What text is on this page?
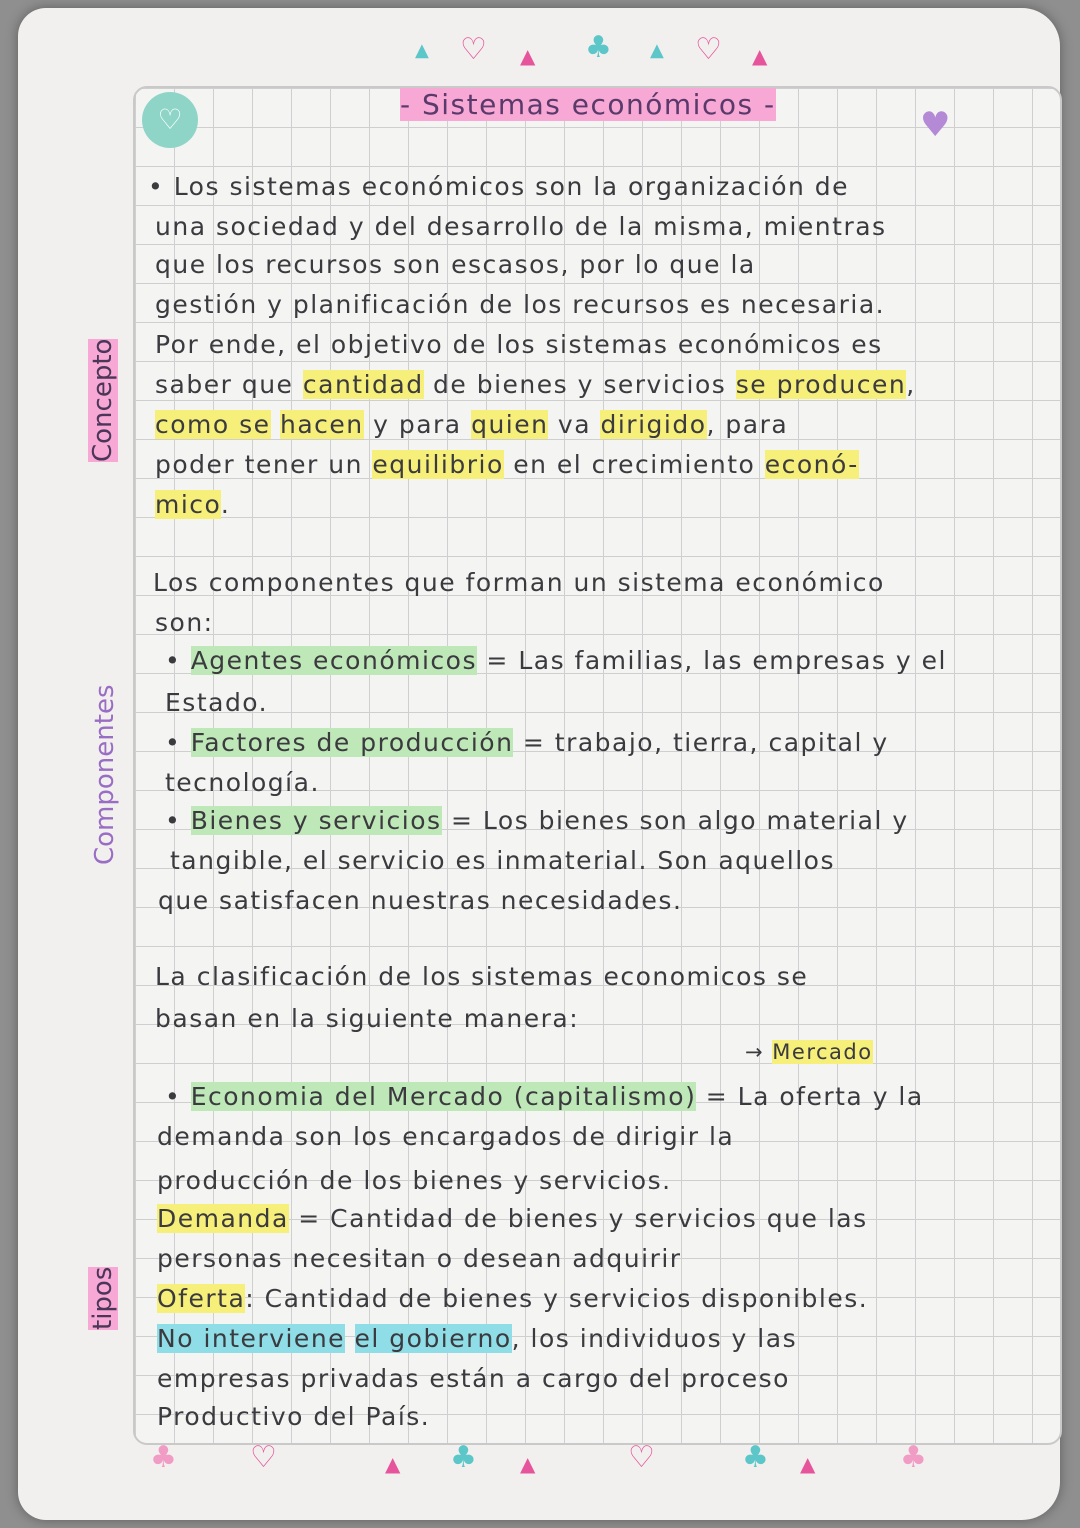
♡
▲ ♡ ▲ ♣ ▲ ♡ ▲
♥
♣ ♡	▲ ♣ ▲	♡	♣ ▲	♣
- Sistemas económicos -
Concepto
Componentes
tipos
• Los sistemas económicos son la organización de
una sociedad y del desarrollo de la misma, mientras
que los recursos son escasos, por lo que la
gestión y planificación de los recursos es necesaria.
Por ende, el objetivo de los sistemas económicos es
saber que cantidad de bienes y servicios se producen,
como se hacen y para quien va dirigido, para
poder tener un equilibrio en el crecimiento econó-
mico.
Los componentes que forman un sistema económico
son:
• Agentes económicos = Las familias, las empresas y el
Estado.
• Factores de producción = trabajo, tierra, capital y
tecnología.
• Bienes y servicios = Los bienes son algo material y
tangible, el servicio es inmaterial. Son aquellos
que satisfacen nuestras necesidades.
La clasificación de los sistemas economicos se
basan en la siguiente manera:
→ Mercado
• Economia del Mercado (capitalismo) = La oferta y la
demanda son los encargados de dirigir la
producción de los bienes y servicios.
Demanda = Cantidad de bienes y servicios que las
personas necesitan o desean adquirir
Oferta: Cantidad de bienes y servicios disponibles.
No interviene el gobierno, los individuos y las
empresas privadas están a cargo del proceso
Productivo del País.
